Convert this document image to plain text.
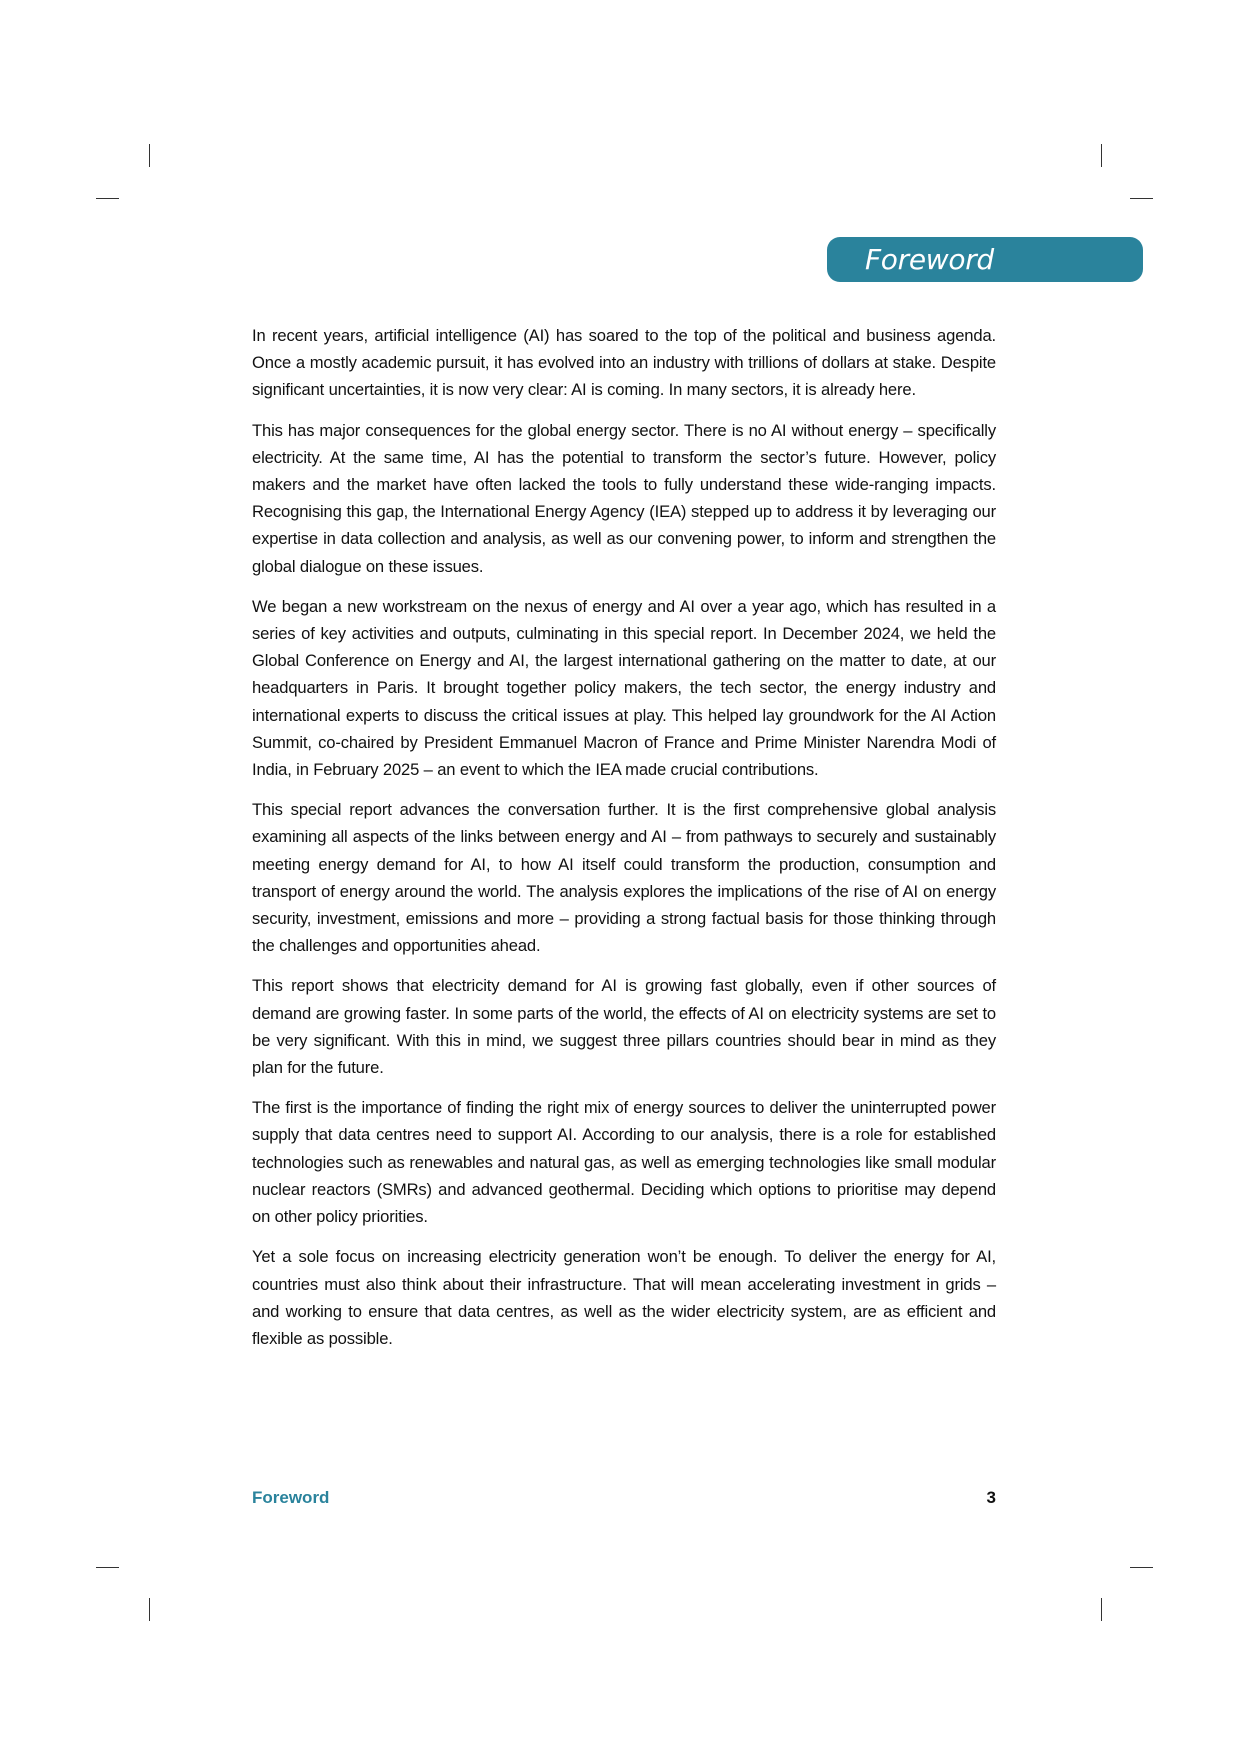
Foreword

In recent years, artificial intelligence (AI) has soared to the top of the political and business agenda. Once a mostly academic pursuit, it has evolved into an industry with trillions of dollars at stake. Despite significant uncertainties, it is now very clear: AI is coming. In many sectors, it is already here.

This has major consequences for the global energy sector. There is no AI without energy – specifically electricity. At the same time, AI has the potential to transform the sector’s future. However, policy makers and the market have often lacked the tools to fully understand these wide-ranging impacts. Recognising this gap, the International Energy Agency (IEA) stepped up to address it by leveraging our expertise in data collection and analysis, as well as our convening power, to inform and strengthen the global dialogue on these issues.

We began a new workstream on the nexus of energy and AI over a year ago, which has resulted in a series of key activities and outputs, culminating in this special report. In December 2024, we held the Global Conference on Energy and AI, the largest international gathering on the matter to date, at our headquarters in Paris. It brought together policy makers, the tech sector, the energy industry and international experts to discuss the critical issues at play. This helped lay groundwork for the AI Action Summit, co-chaired by President Emmanuel Macron of France and Prime Minister Narendra Modi of India, in February 2025 – an event to which the IEA made crucial contributions.

This special report advances the conversation further. It is the first comprehensive global analysis examining all aspects of the links between energy and AI – from pathways to securely and sustainably meeting energy demand for AI, to how AI itself could transform the production, consumption and transport of energy around the world. The analysis explores the implications of the rise of AI on energy security, investment, emissions and more – providing a strong factual basis for those thinking through the challenges and opportunities ahead.

This report shows that electricity demand for AI is growing fast globally, even if other sources of demand are growing faster. In some parts of the world, the effects of AI on electricity systems are set to be very significant. With this in mind, we suggest three pillars countries should bear in mind as they plan for the future.

The first is the importance of finding the right mix of energy sources to deliver the uninterrupted power supply that data centres need to support AI. According to our analysis, there is a role for established technologies such as renewables and natural gas, as well as emerging technologies like small modular nuclear reactors (SMRs) and advanced geothermal. Deciding which options to prioritise may depend on other policy priorities.

Yet a sole focus on increasing electricity generation won’t be enough. To deliver the energy for AI, countries must also think about their infrastructure. That will mean accelerating investment in grids – and working to ensure that data centres, as well as the wider electricity system, are as efficient and flexible as possible.

Foreword	3
